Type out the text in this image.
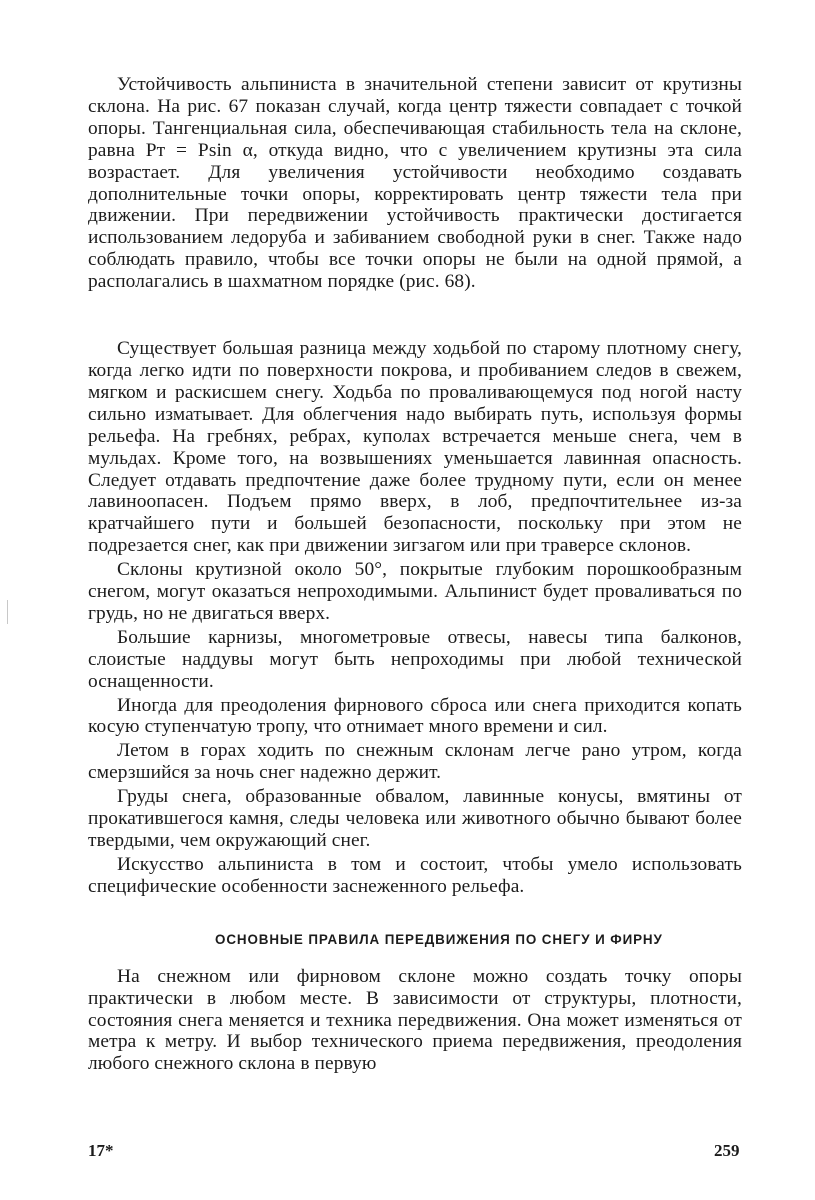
Устойчивость альпиниста в значительной степени зависит от крутизны склона. На рис. 67 показан случай, когда центр тяжести совпадает с точкой опоры. Тангенциальная сила, обеспечивающая стабильность тела на склоне, равна Pт = Psin α, откуда видно, что с увеличением крутизны эта сила возрастает. Для увеличения устойчивости необходимо создавать дополнительные точки опоры, корректировать центр тяжести тела при движении. При передвижении устойчивость практически достигается использованием ледоруба и забиванием свободной руки в снег. Также надо соблюдать правило, чтобы все точки опоры не были на одной прямой, а располагались в шахматном порядке (рис. 68).

Существует большая разница между ходьбой по старому плотному снегу, когда легко идти по поверхности покрова, и пробиванием следов в свежем, мягком и раскисшем снегу. Ходьба по проваливающемуся под ногой насту сильно изматывает. Для облегчения надо выбирать путь, используя формы рельефа. На гребнях, ребрах, куполах встречается меньше снега, чем в мульдах. Кроме того, на возвышениях уменьшается лавинная опасность. Следует отдавать предпочтение даже более трудному пути, если он менее лавиноопасен. Подъем прямо вверх, в лоб, предпочтительнее из-за кратчайшего пути и большей безопасности, поскольку при этом не подрезается снег, как при движении зигзагом или при траверсе склонов.

Склоны крутизной около 50°, покрытые глубоким порошкообразным снегом, могут оказаться непроходимыми. Альпинист будет проваливаться по грудь, но не двигаться вверх.

Большие карнизы, многометровые отвесы, навесы типа балконов, слоистые наддувы могут быть непроходимы при любой технической оснащенности.

Иногда для преодоления фирнового сброса или снега приходится копать косую ступенчатую тропу, что отнимает много времени и сил.

Летом в горах ходить по снежным склонам легче рано утром, когда смерзшийся за ночь снег надежно держит.

Груды снега, образованные обвалом, лавинные конусы, вмятины от прокатившегося камня, следы человека или животного обычно бывают более твердыми, чем окружающий снег.

Искусство альпиниста в том и состоит, чтобы умело использовать специфические особенности заснеженного рельефа.

ОСНОВНЫЕ ПРАВИЛА ПЕРЕДВИЖЕНИЯ ПО СНЕГУ И ФИРНУ

На снежном или фирновом склоне можно создать точку опоры практически в любом месте. В зависимости от структуры, плотности, состояния снега меняется и техника передвижения. Она может изменяться от метра к метру. И выбор технического приема передвижения, преодоления любого снежного склона в первую

17*	259
